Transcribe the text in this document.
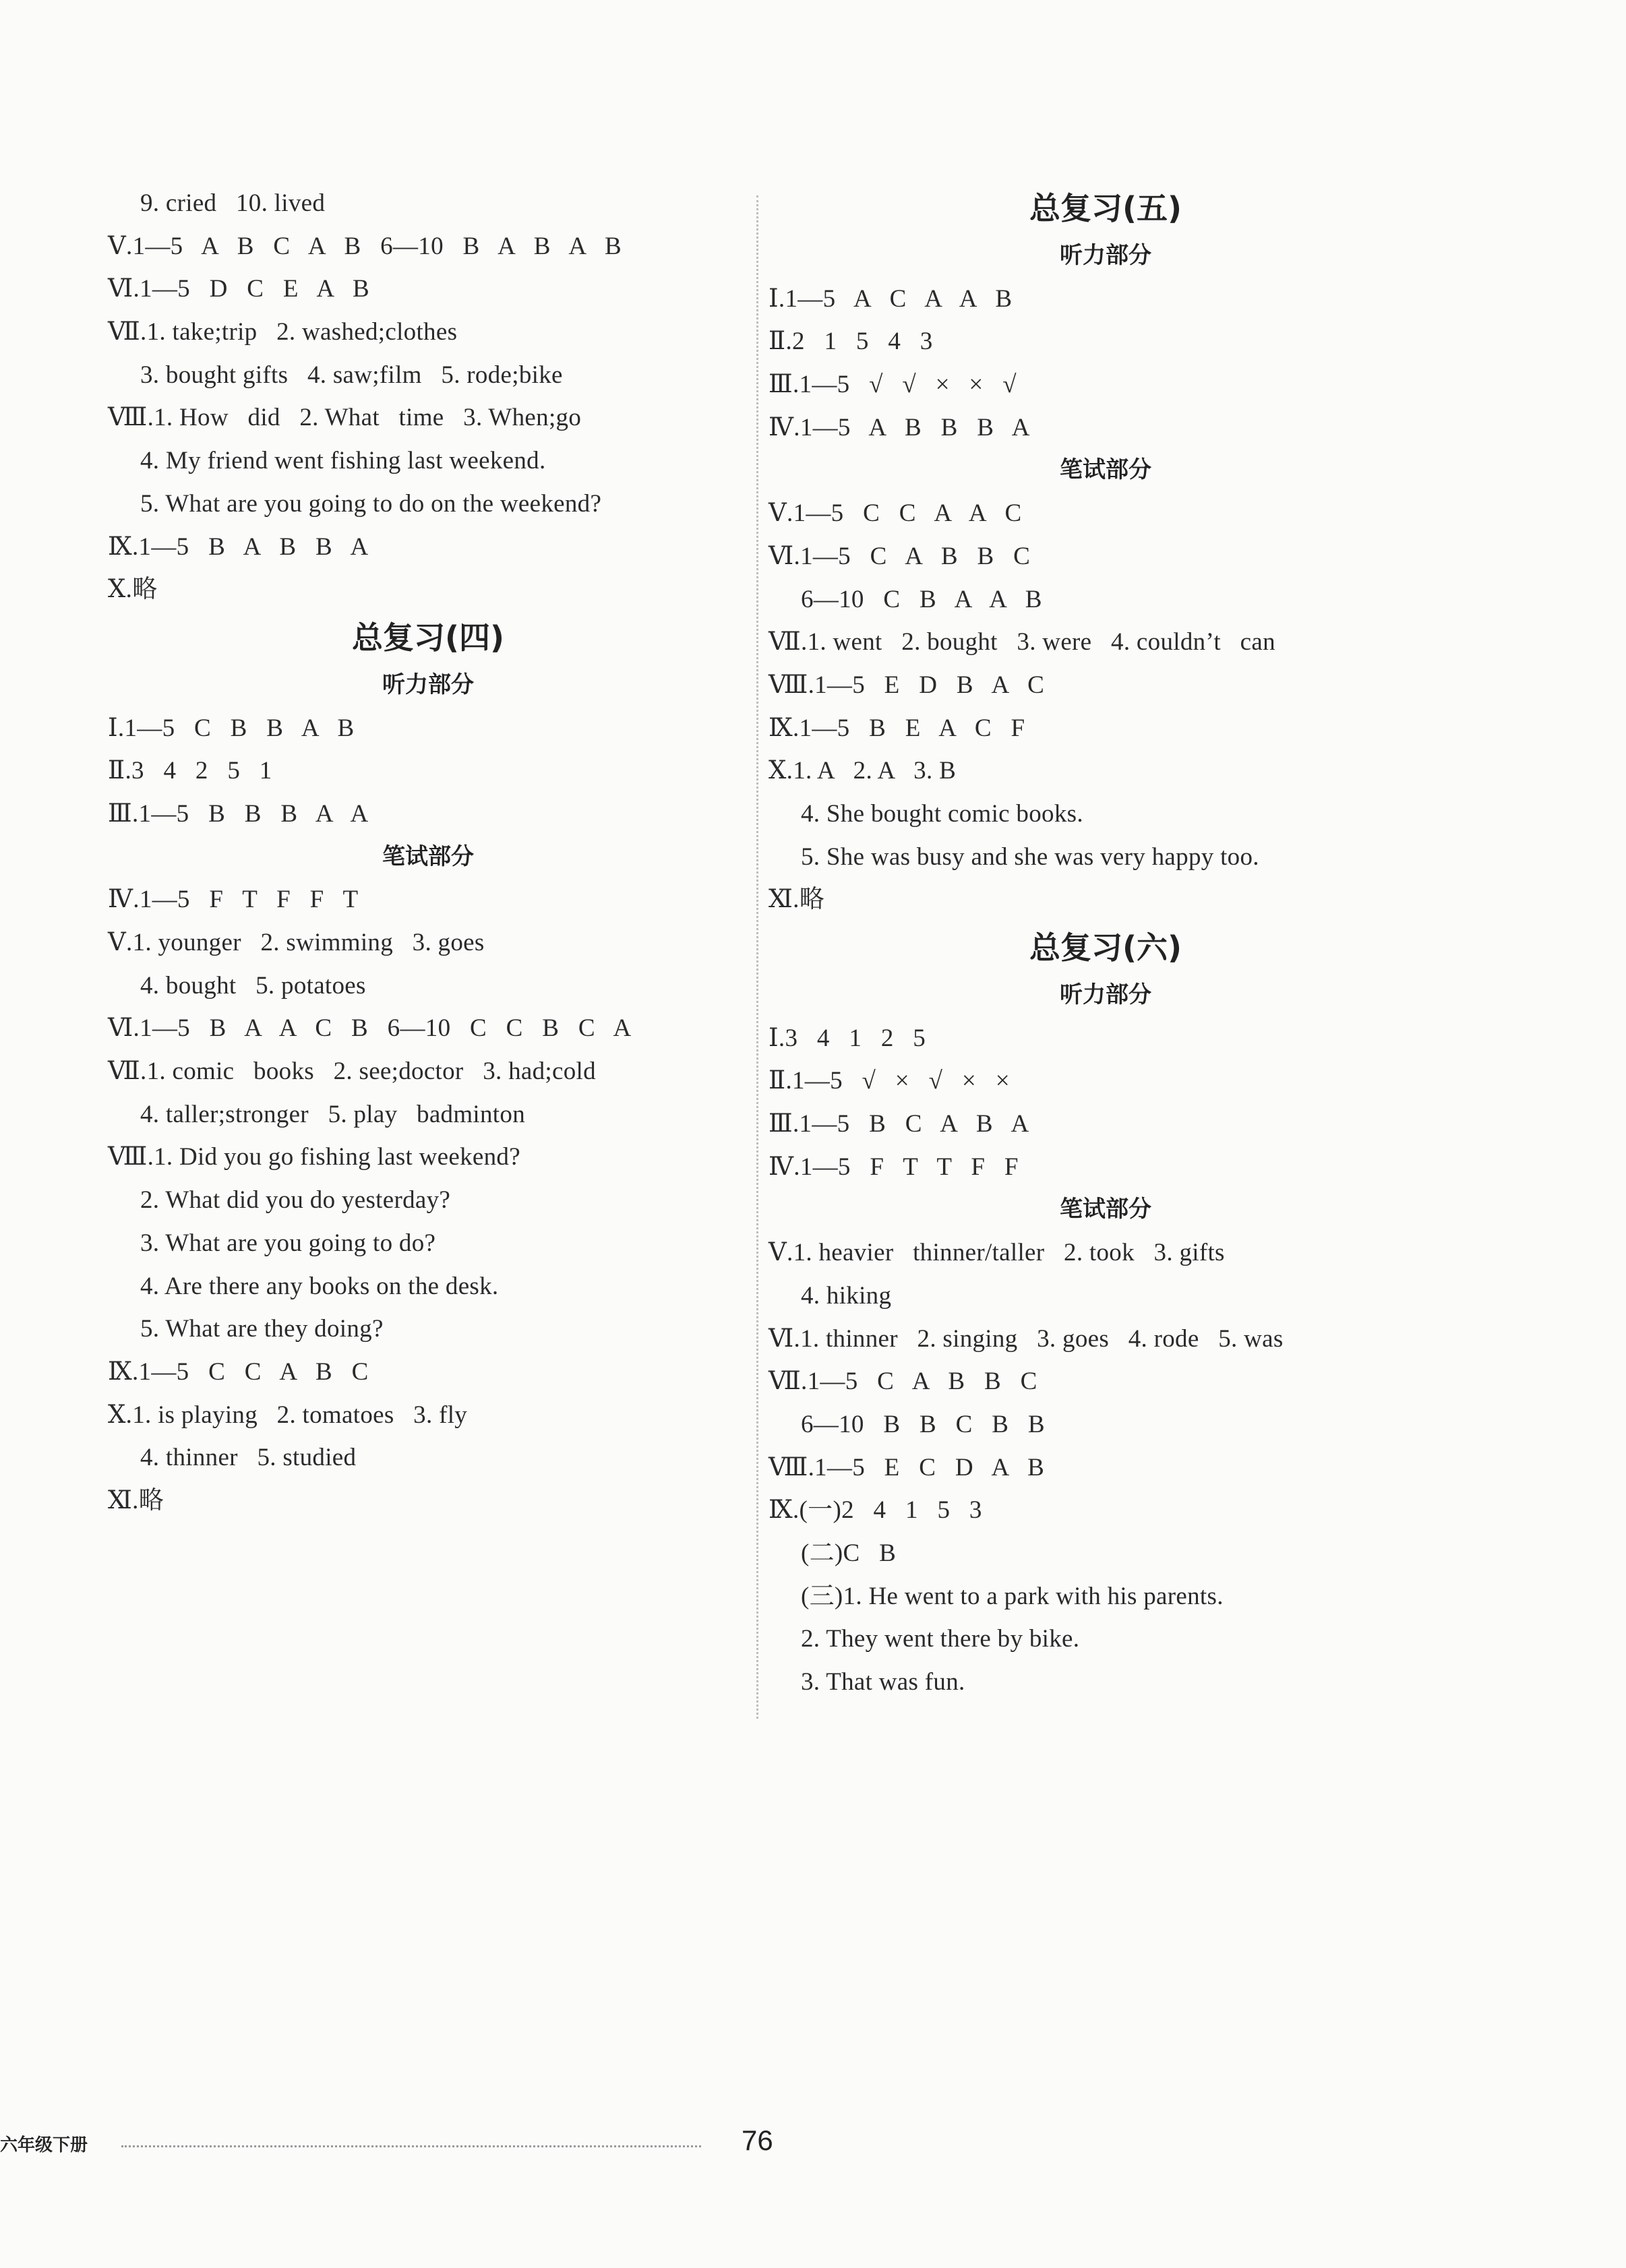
9. cried   10. lived
Ⅴ.1—5   A   B   C   A   B   6—10   B   A   B   A   B
Ⅵ.1—5   D   C   E   A   B
Ⅶ.1. take;trip   2. washed;clothes
3. bought gifts   4. saw;film   5. rode;bike
Ⅷ.1. How   did   2. What   time   3. When;go
4. My friend went fishing last weekend.
5. What are you going to do on the weekend?
Ⅸ.1—5   B   A   B   B   A
Ⅹ.略
总复习(四)
听力部分
Ⅰ.1—5   C   B   B   A   B
Ⅱ.3   4   2   5   1
Ⅲ.1—5   B   B   B   A   A
笔试部分
Ⅳ.1—5   F   T   F   F   T
Ⅴ.1. younger   2. swimming   3. goes
4. bought   5. potatoes
Ⅵ.1—5   B   A   A   C   B   6—10   C   C   B   C   A
Ⅶ.1. comic   books   2. see;doctor   3. had;cold
4. taller;stronger   5. play   badminton
Ⅷ.1. Did you go fishing last weekend?
2. What did you do yesterday?
3. What are you going to do?
4. Are there any books on the desk.
5. What are they doing?
Ⅸ.1—5   C   C   A   B   C
Ⅹ.1. is playing   2. tomatoes   3. fly
4. thinner   5. studied
Ⅺ.略
总复习(五)
听力部分
Ⅰ.1—5   A   C   A   A   B
Ⅱ.2   1   5   4   3
Ⅲ.1—5   √   √   ×   ×   √
Ⅳ.1—5   A   B   B   B   A
笔试部分
Ⅴ.1—5   C   C   A   A   C
Ⅵ.1—5   C   A   B   B   C
6—10   C   B   A   A   B
Ⅶ.1. went   2. bought   3. were   4. couldn’t   can
Ⅷ.1—5   E   D   B   A   C
Ⅸ.1—5   B   E   A   C   F
Ⅹ.1. A   2. A   3. B
4. She bought comic books.
5. She was busy and she was very happy too.
Ⅺ.略
总复习(六)
听力部分
Ⅰ.3   4   1   2   5
Ⅱ.1—5   √   ×   √   ×   ×
Ⅲ.1—5   B   C   A   B   A
Ⅳ.1—5   F   T   T   F   F
笔试部分
Ⅴ.1. heavier   thinner/taller   2. took   3. gifts
4. hiking
Ⅵ.1. thinner   2. singing   3. goes   4. rode   5. was
Ⅶ.1—5   C   A   B   B   C
6—10   B   B   C   B   B
Ⅷ.1—5   E   C   D   A   B
Ⅸ.(一)2   4   1   5   3
(二)C   B
(三)1. He went to a park with his parents.
2. They went there by bike.
3. That was fun.
六年级下册	76
